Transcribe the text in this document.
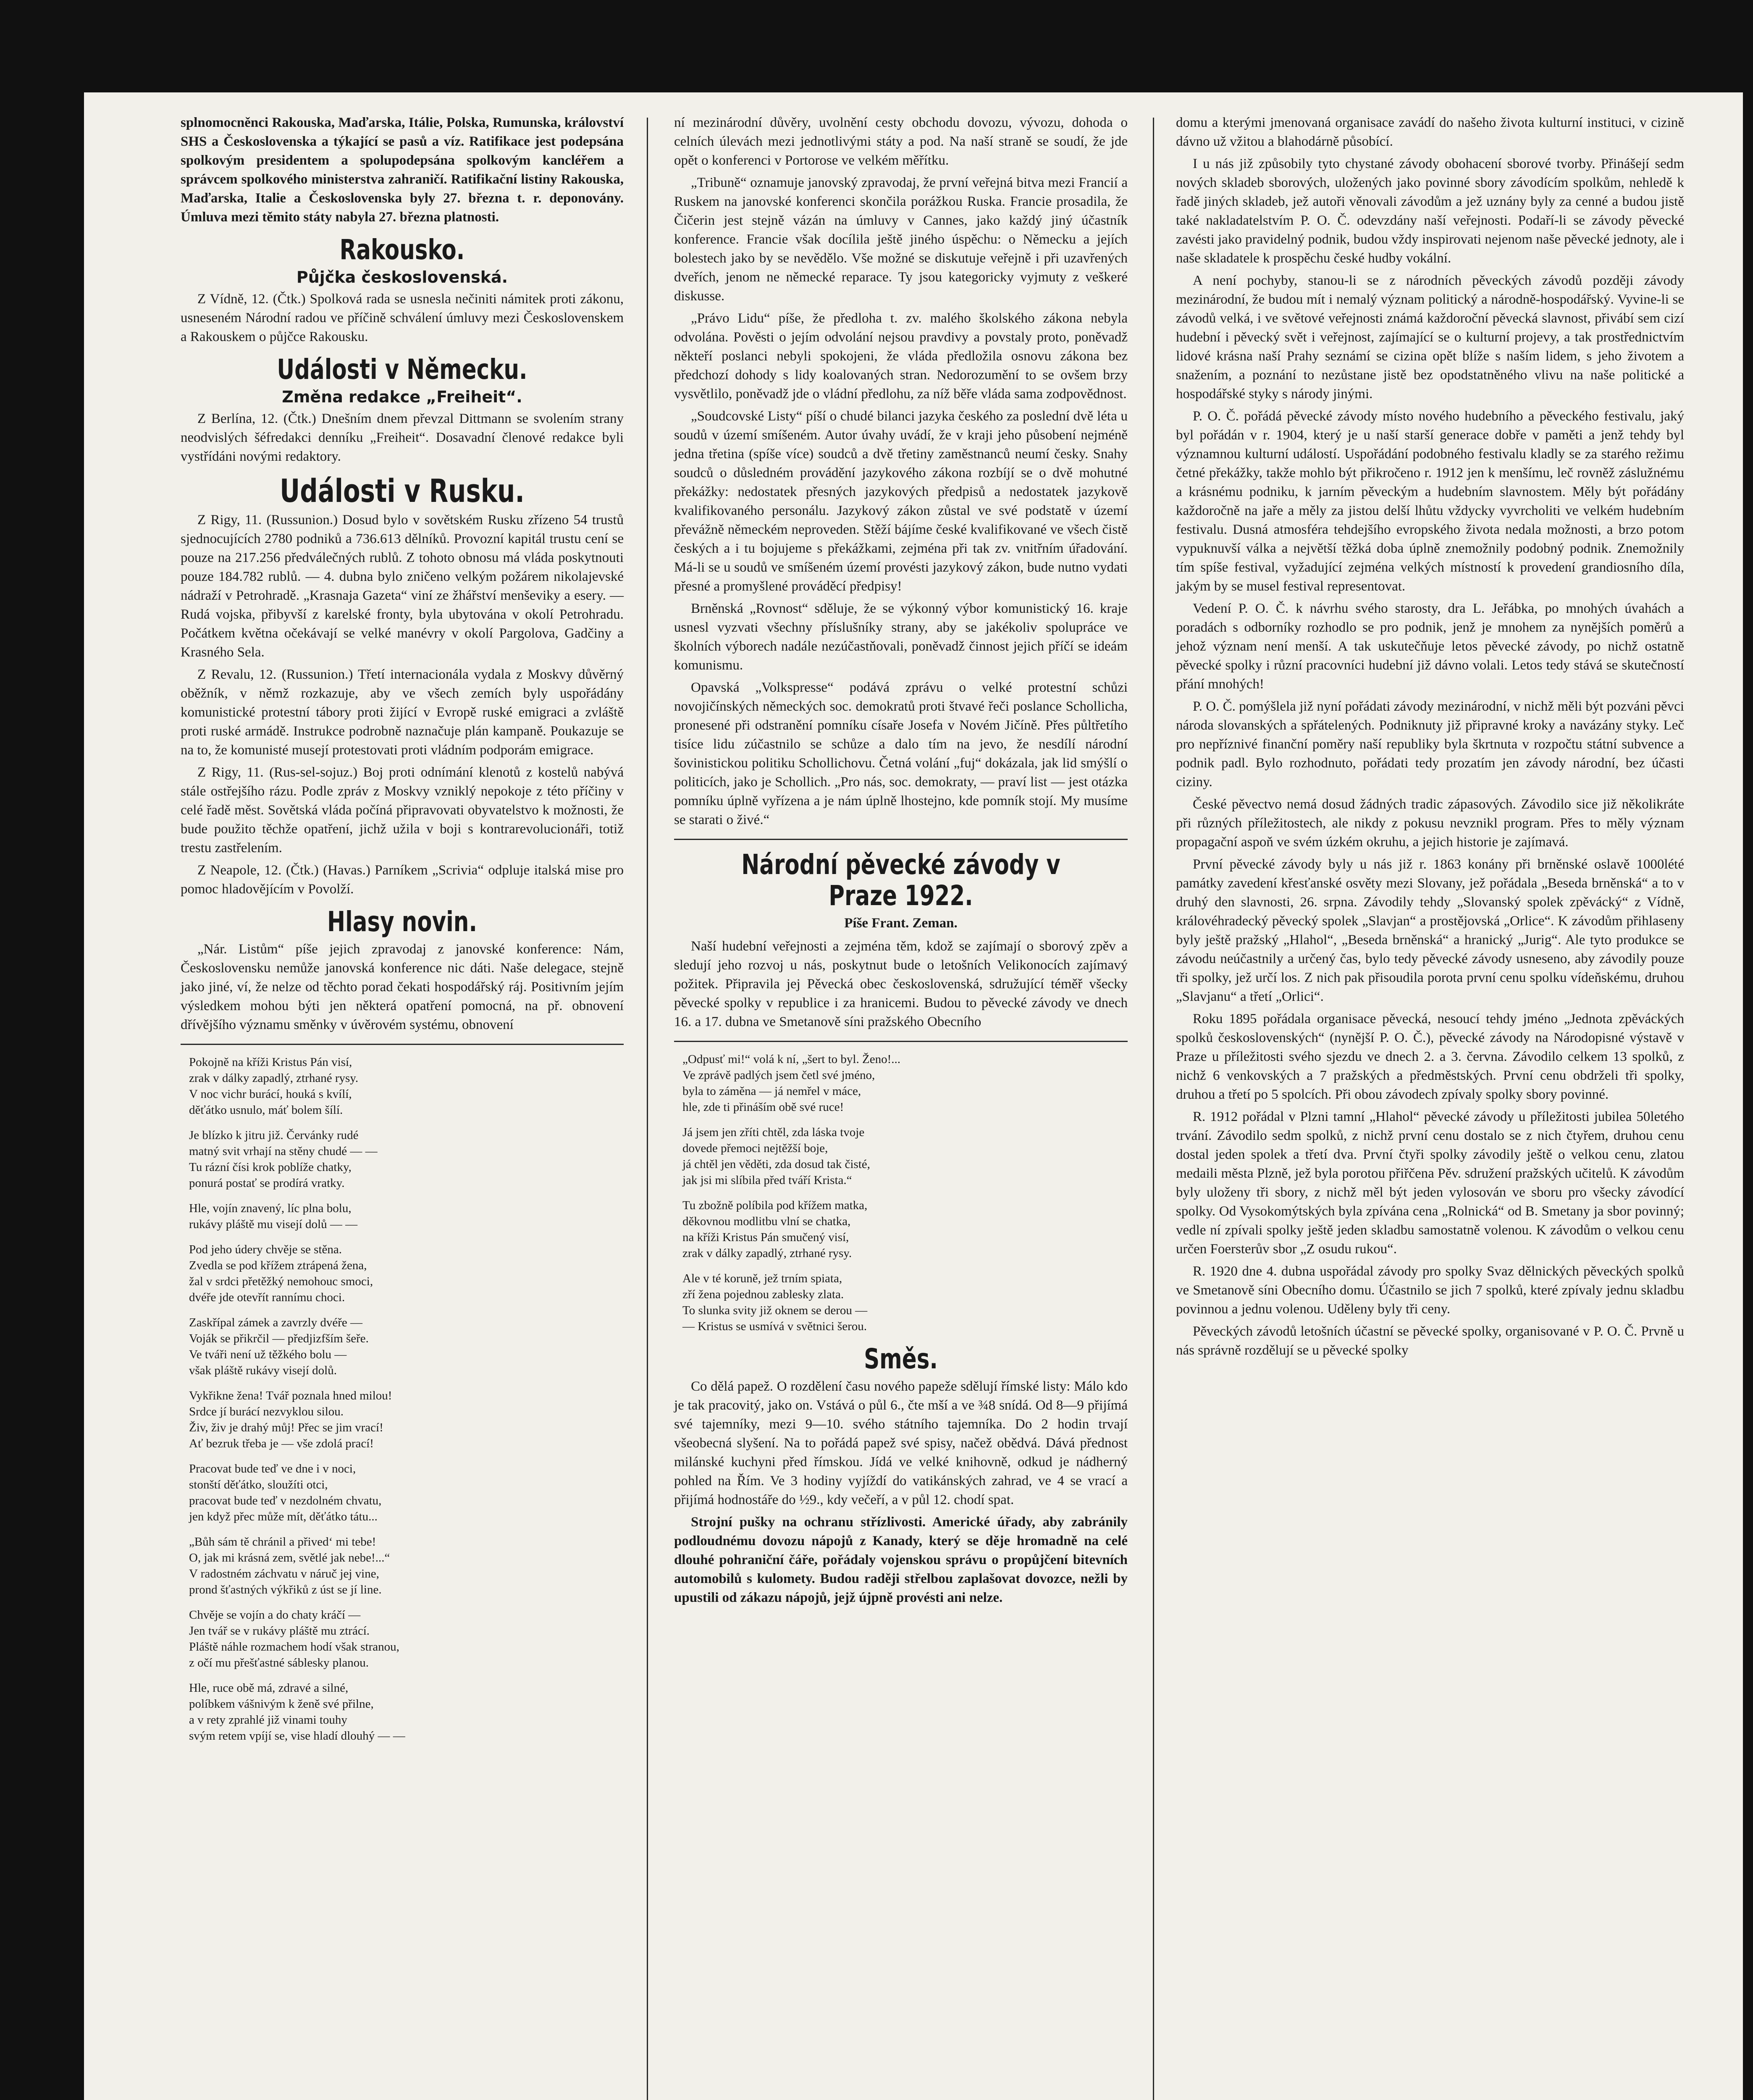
splnomocněnci Rakouska, Maďarska, Itálie, Polska, Rumunska, království SHS a Československa a týkající se pasů a víz. Ratifikace jest podepsána spolkovým presidentem a spolupodepsána spolkovým kancléřem a správcem spolkového ministerstva zahraničí. Ratifikační listiny Rakouska, Maďarska, Italie a Československa byly 27. března t. r. deponovány. Úmluva mezi těmito státy nabyla 27. března platnosti.

Rakousko.
Půjčka československá.

Z Vídně, 12. (Čtk.) Spolková rada se usnesla nečiniti námitek proti zákonu, usneseném Národní radou ve příčině schválení úmluvy mezi Československem a Rakouskem o půjčce Rakousku.

Události v Německu.
Změna redakce „Freiheit“.

Z Berlína, 12. (Čtk.) Dnešním dnem převzal Dittmann se svolením strany neodvislých šéfredakci denníku „Freiheit“. Dosavadní členové redakce byli vystřídáni novými redaktory.

Události v Rusku.

Z Rigy, 11. (Russunion.) Dosud bylo v sovětském Rusku zřízeno 54 trustů sjednocujících 2780 podniků a 736.613 dělníků. Provozní kapitál trustu cení se pouze na 217.256 předválečných rublů. Z tohoto obnosu má vláda poskytnouti pouze 184.782 rublů. — 4. dubna bylo zničeno velkým požárem nikolajevské nádraží v Petrohradě. „Krasnaja Gazeta“ viní ze žhářství menševiky a esery. — Rudá vojska, přibyvší z karelské fronty, byla ubytována v okolí Petrohradu. Počátkem května očekávají se velké manévry v okolí Pargolova, Gadčiny a Krasného Sela.

Z Revalu, 12. (Russunion.) Třetí internacionála vydala z Moskvy důvěrný oběžník, v němž rozkazuje, aby ve všech zemích byly uspořádány komunistické protestní tábory proti žijící v Evropě ruské emigraci a zvláště proti ruské armádě. Instrukce podrobně naznačuje plán kampaně. Poukazuje se na to, že komunisté musejí protestovati proti vládním podporám emigrace.

Z Rigy, 11. (Rus-sel-sojuz.) Boj proti odnímání klenotů z kostelů nabývá stále ostřejšího rázu. Podle zpráv z Moskvy vzniklý nepokoje z této příčiny v celé řadě měst. Sovětská vláda počíná připravovati obyvatelstvo k možnosti, že bude použito těchže opatření, jichž užila v boji s kontrarevolucionáři, totiž trestu zastřelením.

Z Neapole, 12. (Čtk.) (Havas.) Parníkem „Scrivia“ odpluje italská mise pro pomoc hladovějícím v Povolží.

Hlasy novin.

„Nár. Listům“ píše jejich zpravodaj z janovské konference: Nám, Československu nemůže janovská konference nic dáti. Naše delegace, stejně jako jiné, ví, že nelze od těchto porad čekati hospodářský ráj. Positivním jejím výsledkem mohou býti jen některá opatření pomocná, na př. obnovení dřívějšího významu směnky v úvěrovém systému, obnovení

Pokojně na kříži Kristus Pán visí,
zrak v dálky zapadlý, ztrhané rysy.
V noc vichr burácí, houká s kvílí,
děťátko usnulo, máť bolem šílí.
Je blízko k jitru již. Červánky rudé
matný svit vrhají na stěny chudé — —
Tu rázní čísi krok poblíže chatky,
ponurá postať se prodírá vratky.
Hle, vojín znavený, líc plna bolu,
rukávy pláště mu visejí dolů — —
Pod jeho údery chvěje se stěna.
Zvedla se pod křížem ztrápená žena,
žal v srdci přetěžký nemohouc smoci,
dvéře jde otevřít rannímu choci.
Zaskřípal zámek a zavrzly dvéře —
Voják se přikrčil — předjizfším šeře.
Ve tváři není už těžkého bolu —
však pláště rukávy visejí dolů.
Vykřikne žena! Tvář poznala hned milou!
Srdce jí burácí nezvyklou silou.
Živ, živ je drahý můj! Přec se jim vrací!
Ať bezruk třeba je — vše zdolá prací!
Pracovat bude teď ve dne i v noci,
stonští děťátko, sloužíti otci,
pracovat bude teď v nezdolném chvatu,
jen když přec může mít, děťátko tátu...
„Bůh sám tě chránil a přived‘ mi tebe!
O, jak mi krásná zem, světlé jak nebe!...“
V radostném záchvatu v náruč jej vine,
prond šťastných výkřiků z úst se jí line.
Chvěje se vojín a do chaty kráčí —
Jen tvář se v rukávy pláště mu ztrácí.
Pláště náhle rozmachem hodí však stranou,
z očí mu přešťastné sáblesky planou.
Hle, ruce obě má, zdravé a silné,
políbkem vášnivým k ženě své přilne,
a v rety zprahlé již vinami touhy
svým retem vpíjí se, vise hladí dlouhý — —

ní mezinárodní důvěry, uvolnění cesty obchodu dovozu, vývozu, dohoda o celních úlevách mezi jednotlivými státy a pod. Na naší straně se soudí, že jde opět o konferenci v Portorose ve velkém měřítku.

„Tribuně“ oznamuje janovský zpravodaj, že první veřejná bitva mezi Francií a Ruskem na janovské konferenci skončila porážkou Ruska. Francie prosadila, že Čičerin jest stejně vázán na úmluvy v Cannes, jako každý jiný účastník konference. Francie však docílila ještě jiného úspěchu: o Německu a jejích bolestech jako by se nevědělo. Vše možné se diskutuje veřejně i při uzavřených dveřích, jenom ne německé reparace. Ty jsou kategoricky vyjmuty z veškeré diskusse.

„Právo Lidu“ píše, že předloha t. zv. malého školského zákona nebyla odvolána. Pověsti o jejím odvolání nejsou pravdivy a povstaly proto, poněvadž někteří poslanci nebyli spokojeni, že vláda předložila osnovu zákona bez předchozí dohody s lidy koalovaných stran. Nedorozumění to se ovšem brzy vysvětlilo, poněvadž jde o vládní předlohu, za níž běře vláda sama zodpovědnost.

„Soudcovské Listy“ píší o chudé bilanci jazyka českého za poslední dvě léta u soudů v území smíšeném. Autor úvahy uvádí, že v kraji jeho působení nejméně jedna třetina (spíše více) soudců a dvě třetiny zaměstnanců neumí česky. Snahy soudců o důsledném provádění jazykového zákona rozbíjí se o dvě mohutné překážky: nedostatek přesných jazykových předpisů a nedostatek jazykově kvalifikovaného personálu. Jazykový zákon zůstal ve své podstatě v území převážně německém neproveden. Stěží bájíme české kvalifikované ve všech čistě českých a i tu bojujeme s překážkami, zejména při tak zv. vnitřním úřadování. Má-li se u soudů ve smíšeném území provésti jazykový zákon, bude nutno vydati přesné a promyšlené prováděcí předpisy!

Brněnská „Rovnost“ sděluje, že se výkonný výbor komunistický 16. kraje usnesl vyzvati všechny příslušníky strany, aby se jakékoliv spolupráce ve školních výborech nadále nezúčastňovali, poněvadž činnost jejich příčí se ideám komunismu.

Opavská „Volkspresse“ podává zprávu o velké protestní schůzi novojičínských německých soc. demokratů proti štvavé řeči poslance Schollicha, pronesené při odstranění pomníku císaře Josefa v Novém Jičíně. Přes půltřetího tisíce lidu zúčastnilo se schůze a dalo tím na jevo, že nesdílí národní šovinistickou politiku Schollichovu. Četná volání „fuj“ dokázala, jak lid smýšlí o politicích, jako je Schollich. „Pro nás, soc. demokraty, — praví list — jest otázka pomníku úplně vyřízena a je nám úplně lhostejno, kde pomník stojí. My musíme se starati o živé.“

Národní pěvecké závody v Praze 1922.
Píše Frant. Zeman.

Naší hudební veřejnosti a zejména těm, kdož se zajímají o sborový zpěv a sledují jeho rozvoj u nás, poskytnut bude o letošních Velikonocích zajímavý požitek. Připravila jej Pěvecká obec československá, sdružující téměř všecky pěvecké spolky v republice i za hranicemi. Budou to pěvecké závody ve dnech 16. a 17. dubna ve Smetanově síni pražského Obecního

„Odpusť mi!“ volá k ní, „šert to byl. Ženo!...
Ve zprávě padlých jsem četl své jméno,
byla to záměna — já nemřel v máce,
hle, zde ti přináším obě své ruce!
Já jsem jen zříti chtěl, zda láska tvoje
dovede přemoci nejtěžší boje,
já chtěl jen věděti, zda dosud tak čisté,
jak jsi mi slíbila před tváří Krista.“
Tu zbožně políbila pod křížem matka,
děkovnou modlitbu vlní se chatka,
na kříži Kristus Pán smučený visí,
zrak v dálky zapadlý, ztrhané rysy.
Ale v té koruně, jež trním spiata,
zří žena pojednou zablesky zlata.
To slunka svity již oknem se derou —
— Kristus se usmívá v světnici šerou.
Směs.

Co dělá papež. O rozdělení času nového papeže sdělují římské listy: Málo kdo je tak pracovitý, jako on. Vstává o půl 6., čte mší a ve ¾8 snídá. Od 8—9 přijímá své tajemníky, mezi 9—10. svého státního tajemníka. Do 2 hodin trvají všeobecná slyšení. Na to pořádá papež své spisy, načež obědvá. Dává přednost milánské kuchyni před římskou. Jídá ve velké knihovně, odkud je nádherný pohled na Řím. Ve 3 hodiny vyjíždí do vatikánských zahrad, ve 4 se vrací a přijímá hodnostáře do ½9., kdy večeří, a v půl 12. chodí spat.

Strojní pušky na ochranu střízlivosti. Americké úřady, aby zabránily podloudnému dovozu nápojů z Kanady, který se děje hromadně na celé dlouhé pohraniční čáře, pořádaly vojenskou správu o propůjčení bitevních automobilů s kulomety. Budou raději střelbou zaplašovat dovozce, nežli by upustili od zákazu nápojů, jejž újpně provésti ani nelze.

domu a kterými jmenovaná organisace zavádí do našeho života kulturní instituci, v cizině dávno už vžitou a blahodárně působící.

I u nás již způsobily tyto chystané závody obohacení sborové tvorby. Přinášejí sedm nových skladeb sborových, uložených jako povinné sbory závodícím spolkům, nehledě k řadě jiných skladeb, jež autoři věnovali závodům a jež uznány byly za cenné a budou jistě také nakladatelstvím P. O. Č. odevzdány naší veřejnosti. Podaří-li se závody pěvecké zavésti jako pravidelný podnik, budou vždy inspirovati nejenom naše pěvecké jednoty, ale i naše skladatele k prospěchu české hudby vokální.

A není pochyby, stanou-li se z národních pěveckých závodů později závody mezinárodní, že budou mít i nemalý význam politický a národně-hospodářský. Vyvine-li se závodů velká, i ve světové veřejnosti známá každoroční pěvecká slavnost, přivábí sem cizí hudební i pěvecký svět i veřejnost, zajímající se o kulturní projevy, a tak prostřednictvím lidové krásna naší Prahy seznámí se cizina opět blíže s naším lidem, s jeho životem a snažením, a poznání to nezůstane jistě bez opodstatněného vlivu na naše politické a hospodářské styky s národy jinými.

P. O. Č. pořádá pěvecké závody místo nového hudebního a pěveckého festivalu, jaký byl pořádán v r. 1904, který je u naší starší generace dobře v paměti a jenž tehdy byl významnou kulturní událostí. Uspořádání podobného festivalu kladly se za starého režimu četné překážky, takže mohlo být přikročeno r. 1912 jen k menšímu, leč rovněž záslužnému a krásnému podniku, k jarním pěveckým a hudebním slavnostem. Měly být pořádány každoročně na jaře a měly za jistou delší lhůtu vždycky vyvrcholiti ve velkém hudebním festivalu. Dusná atmosféra tehdejšího evropského života nedala možnosti, a brzo potom vypuknuvší válka a největší těžká doba úplně znemožnily podobný podnik. Znemožnily tím spíše festival, vyžadující zejména velkých místností k provedení grandiosního díla, jakým by se musel festival representovat.

Vedení P. O. Č. k návrhu svého starosty, dra L. Jeřábka, po mnohých úvahách a poradách s odborníky rozhodlo se pro podnik, jenž je mnohem za nynějších poměrů a jehož význam není menší. A tak uskutečňuje letos pěvecké závody, po nichž ostatně pěvecké spolky i různí pracovníci hudební již dávno volali. Letos tedy stává se skutečností přání mnohých!

P. O. Č. pomýšlela již nyní pořádati závody mezinárodní, v nichž měli být pozváni pěvci národa slovanských a spřátelených. Podniknuty již připravné kroky a navázány styky. Leč pro nepříznivé finanční poměry naší republiky byla škrtnuta v rozpočtu státní subvence a podnik padl. Bylo rozhodnuto, pořádati tedy prozatím jen závody národní, bez účasti ciziny.

České pěvectvo nemá dosud žádných tradic zápasových. Závodilo sice již několikráte při různých příležitostech, ale nikdy z pokusu nevznikl program. Přes to měly význam propagační aspoň ve svém úzkém okruhu, a jejich historie je zajímavá.

První pěvecké závody byly u nás již r. 1863 konány při brněnské oslavě 1000lété památky zavedení křesťanské osvěty mezi Slovany, jež pořádala „Beseda brněnská“ a to v druhý den slavnosti, 26. srpna. Závodily tehdy „Slovanský spolek zpěvácký“ z Vídně, královéhradecký pěvecký spolek „Slavjan“ a prostějovská „Orlice“. K závodům přihlaseny byly ještě pražský „Hlahol“, „Beseda brněnská“ a hranický „Jurig“. Ale tyto produkce se závodu neúčastnily a určený čas, bylo tedy pěvecké závody usneseno, aby závodily pouze tři spolky, jež určí los. Z nich pak přisoudila porota první cenu spolku vídeňskému, druhou „Slavjanu“ a třetí „Orlici“.

Roku 1895 pořádala organisace pěvecká, nesoucí tehdy jméno „Jednota zpěváckých spolků československých“ (nynější P. O. Č.), pěvecké závody na Národopisné výstavě v Praze u příležitosti svého sjezdu ve dnech 2. a 3. června. Závodilo celkem 13 spolků, z nichž 6 venkovských a 7 pražských a předměstských. První cenu obdrželi tři spolky, druhou a třetí po 5 spolcích. Při obou závodech zpívaly spolky sbory povinné.

R. 1912 pořádal v Plzni tamní „Hlahol“ pěvecké závody u příležitosti jubilea 50letého trvání. Závodilo sedm spolků, z nichž první cenu dostalo se z nich čtyřem, druhou cenu dostal jeden spolek a třetí dva. První čtyři spolky závodily ještě o velkou cenu, zlatou medaili města Plzně, jež byla porotou přiřčena Pěv. sdružení pražských učitelů. K závodům byly uloženy tři sbory, z nichž měl být jeden vylosován ve sboru pro všecky závodící spolky. Od Vysokomýtských byla zpívána cena „Rolnická“ od B. Smetany ja sbor povinný; vedle ní zpívali spolky ještě jeden skladbu samostatně volenou. K závodům o velkou cenu určen Foersterův sbor „Z osudu rukou“.

R. 1920 dne 4. dubna uspořádal závody pro spolky Svaz dělnických pěveckých spolků ve Smetanově síni Obecního domu. Účastnilo se jich 7 spolků, které zpívaly jednu skladbu povinnou a jednu volenou. Uděleny byly tři ceny.

Pěveckých závodů letošních účastní se pěvecké spolky, organisované v P. O. Č. Prvně u nás správně rozdělují se u pěvecké spolky
